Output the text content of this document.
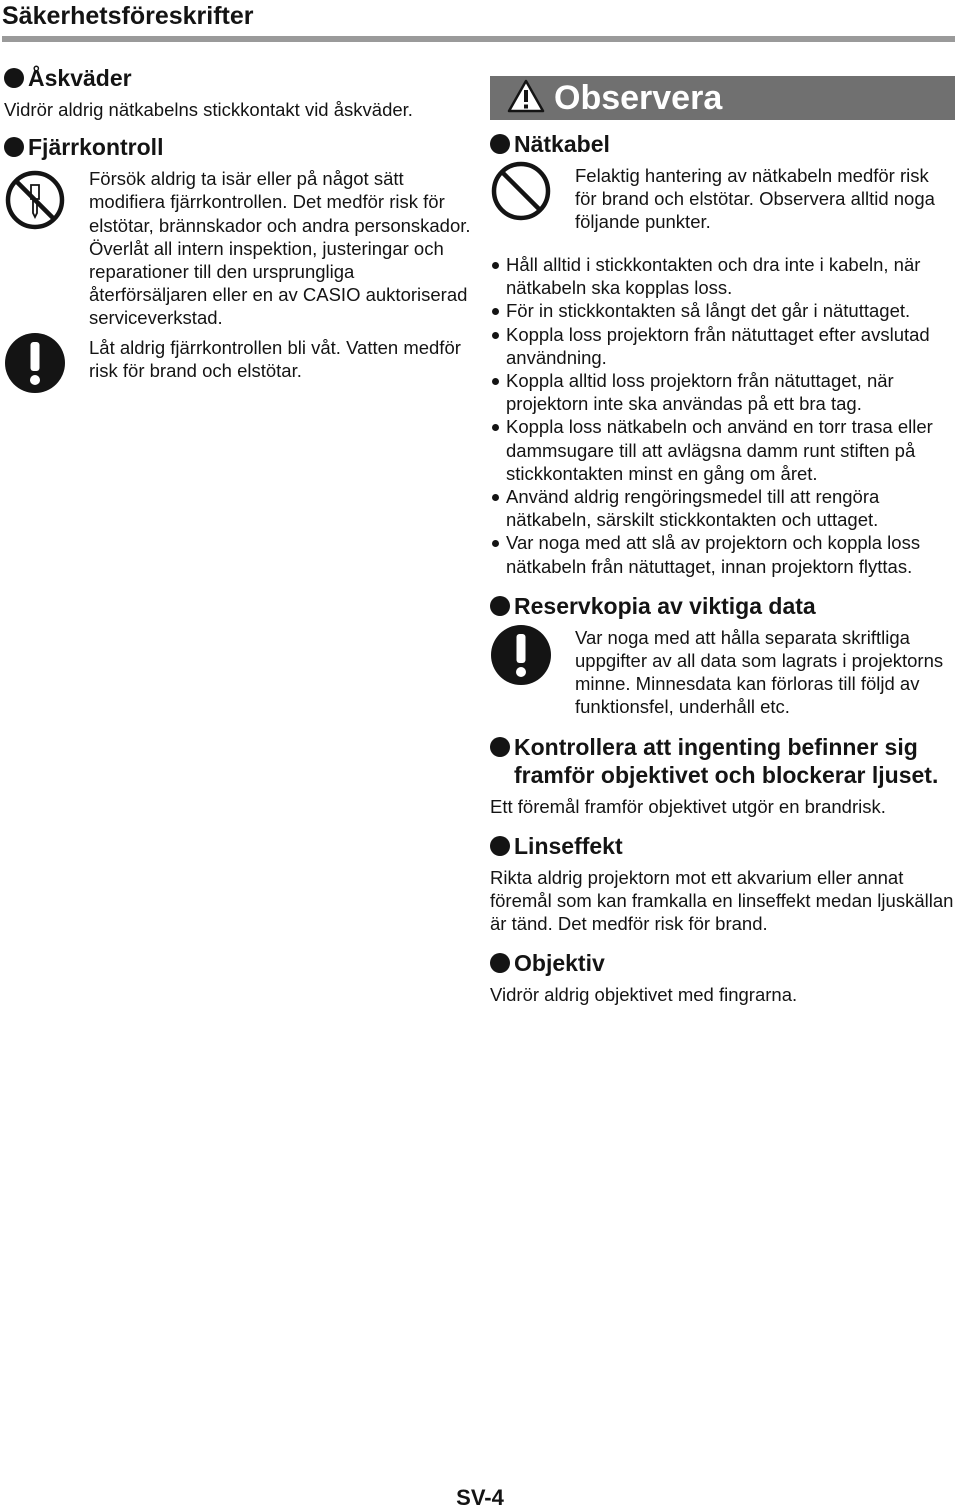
Säkerhetsföreskrifter
Åskväder

Vidrör aldrig nätkabelns stickkontakt vid åskväder.

Fjärrkontroll

Försök aldrig ta isär eller på något sätt modifiera fjärrkontrollen. Det medför risk för elstötar, brännskador och andra personskador. Överlåt all intern inspektion, justeringar och reparationer till den ursprungliga återförsäljaren eller en av CASIO auktoriserad serviceverkstad.

Låt aldrig fjärrkontrollen bli våt. Vatten medför risk för brand och elstötar.

Observera
Nätkabel

Felaktig hantering av nätkabeln medför risk för brand och elstötar. Observera alltid noga följande punkter.

Håll alltid i stickkontakten och dra inte i kabeln, när nätkabeln ska kopplas loss.
För in stickkontakten så långt det går i nätuttaget.
Koppla loss projektorn från nätuttaget efter avslutad användning.
Koppla alltid loss projektorn från nätuttaget, när projektorn inte ska användas på ett bra tag.
Koppla loss nätkabeln och använd en torr trasa eller dammsugare till att avlägsna damm runt stiften på stickkontakten minst en gång om året.
Använd aldrig rengöringsmedel till att rengöra nätkabeln, särskilt stickkontakten och uttaget.
Var noga med att slå av projektorn och koppla loss nätkabeln från nätuttaget, innan projektorn flyttas.
Reservkopia av viktiga data

Var noga med att hålla separata skriftliga uppgifter av all data som lagrats i projektorns minne. Minnesdata kan förloras till följd av funktionsfel, underhåll etc.

Kontrollera att ingenting befinner sig framför objektivet och blockerar ljuset.

Ett föremål framför objektivet utgör en brandrisk.

Linseffekt

Rikta aldrig projektorn mot ett akvarium eller annat föremål som kan framkalla en linseffekt medan ljuskällan är tänd. Det medför risk för brand.

Objektiv

Vidrör aldrig objektivet med fingrarna.

SV-4
